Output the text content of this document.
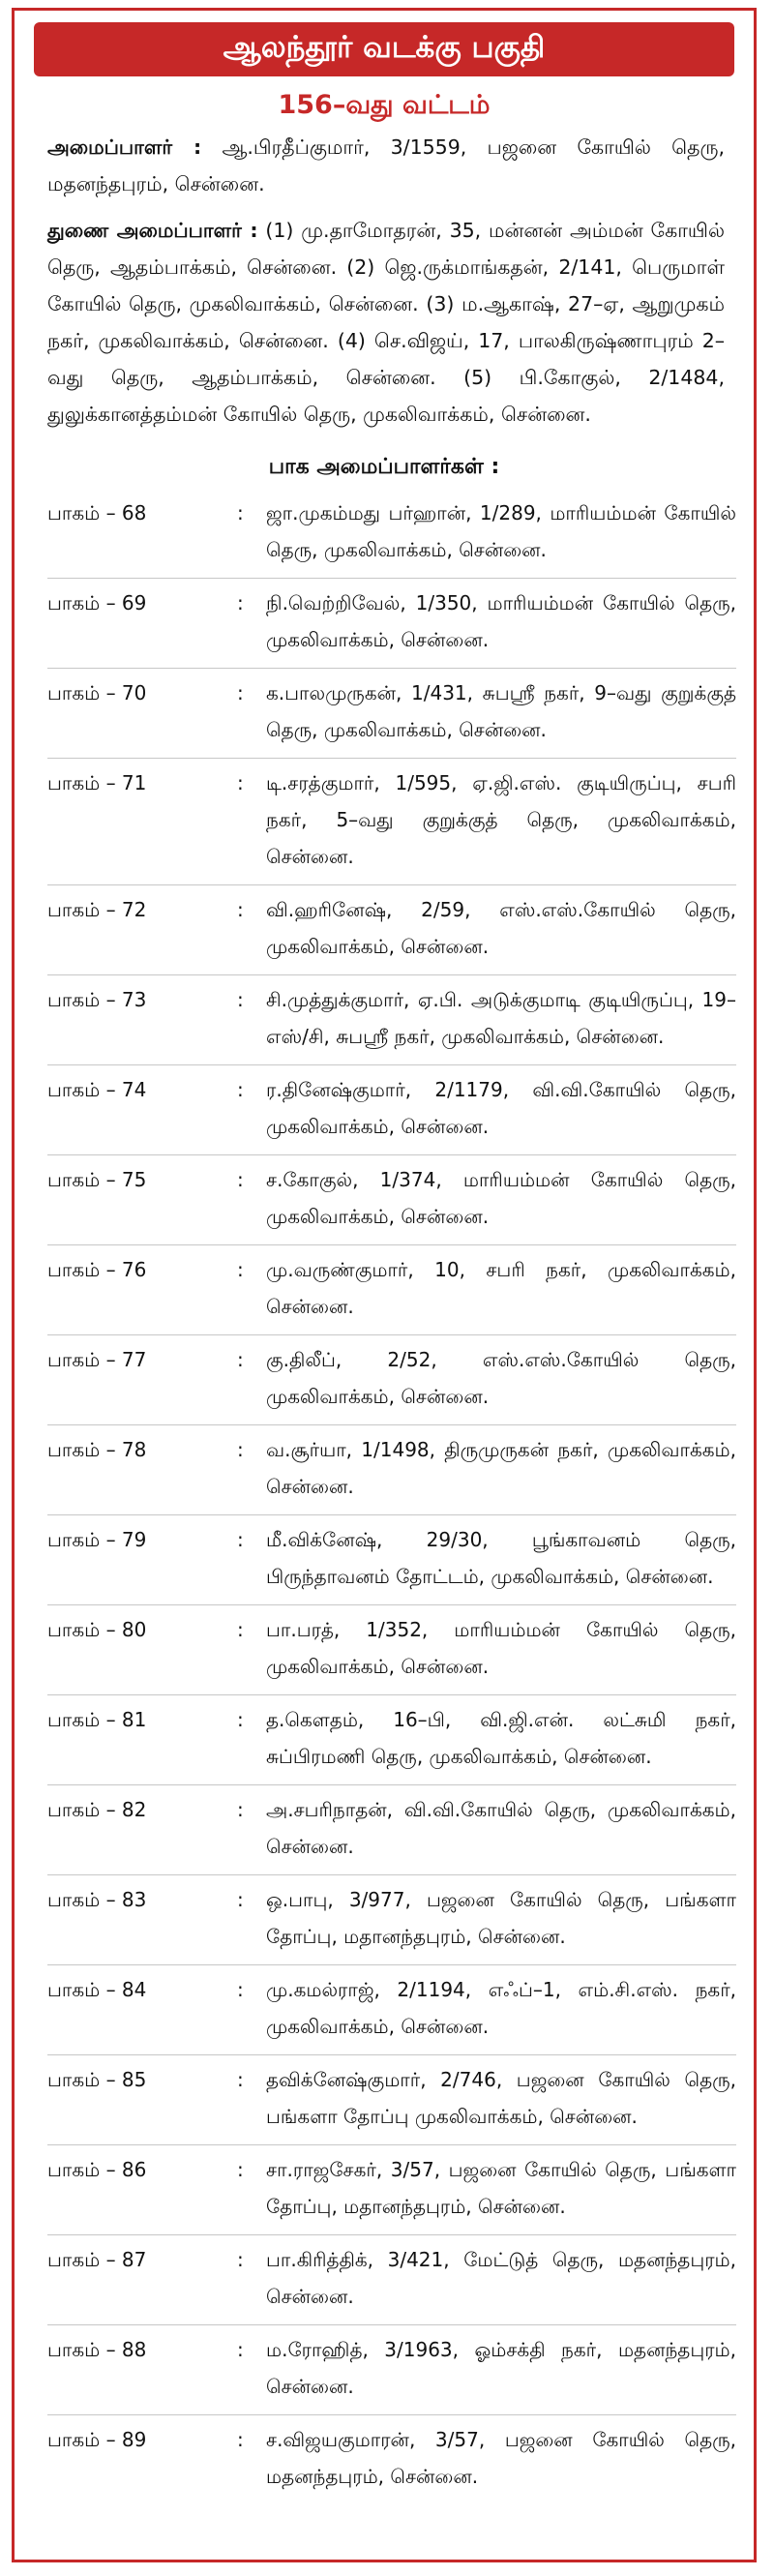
ஆலந்தூர் வடக்கு பகுதி
156–வது வட்டம்
அமைப்பாளர் : ஆ.பிரதீப்குமார், 3/1559, பஜனை கோயில் தெரு, மதனந்தபுரம், சென்னை.
துணை அமைப்பாளர் : (1) மு.தாமோதரன், 35, மன்னன் அம்மன் கோயில் தெரு, ஆதம்பாக்கம், சென்னை. (2) ஜெ.ருக்மாங்கதன், 2/141, பெருமாள் கோயில் தெரு, முகலிவாக்கம், சென்னை. (3) ம.ஆகாஷ், 27–ஏ, ஆறுமுகம் நகர், முகலிவாக்கம், சென்னை. (4) செ.விஜய், 17, பாலகிருஷ்ணாபுரம் 2–வது தெரு, ஆதம்பாக்கம், சென்னை. (5) பி.கோகுல், 2/1484, துலுக்கானத்தம்மன் கோயில் தெரு, முகலிவாக்கம், சென்னை.
பாக அமைப்பாளர்கள் :
பாகம் – 68	:	ஜா.முகம்மது பர்ஹான், 1/289, மாரியம்மன் கோயில் தெரு, முகலிவாக்கம், சென்னை.
பாகம் – 69	:	நி.வெற்றிவேல், 1/350, மாரியம்மன் கோயில் தெரு, முகலிவாக்கம், சென்னை.
பாகம் – 70	:	க.பாலமுருகன், 1/431, சுபஸ்ரீ நகர், 9–வது குறுக்குத் தெரு, முகலிவாக்கம், சென்னை.
பாகம் – 71	:	டி.சரத்குமார், 1/595, ஏ.ஜி.எஸ். குடியிருப்பு, சபரி நகர், 5–வது குறுக்குத் தெரு, முகலிவாக்கம், சென்னை.
பாகம் – 72	:	வி.ஹரினேஷ், 2/59, எஸ்.எஸ்.கோயில் தெரு, முகலிவாக்கம், சென்னை.
பாகம் – 73	:	சி.முத்துக்குமார், ஏ.பி. அடுக்குமாடி குடியிருப்பு, 19–எஸ்/சி, சுபஸ்ரீ நகர், முகலிவாக்கம், சென்னை.
பாகம் – 74	:	ர.தினேஷ்குமார், 2/1179, வி.வி.கோயில் தெரு, முகலிவாக்கம், சென்னை.
பாகம் – 75	:	ச.கோகுல், 1/374, மாரியம்மன் கோயில் தெரு, முகலிவாக்கம், சென்னை.
பாகம் – 76	:	மு.வருண்குமார், 10, சபரி நகர், முகலிவாக்கம், சென்னை.
பாகம் – 77	:	கு.திலீப், 2/52, எஸ்.எஸ்.கோயில் தெரு, முகலிவாக்கம், சென்னை.
பாகம் – 78	:	வ.சூர்யா, 1/1498, திருமுருகன் நகர், முகலிவாக்கம், சென்னை.
பாகம் – 79	:	மீ.விக்னேஷ், 29/30, பூங்காவனம் தெரு, பிருந்தாவனம் தோட்டம், முகலிவாக்கம், சென்னை.
பாகம் – 80	:	பா.பரத், 1/352, மாரியம்மன் கோயில் தெரு, முகலிவாக்கம், சென்னை.
பாகம் – 81	:	த.கௌதம், 16–பி, வி.ஜி.என். லட்சுமி நகர், சுப்பிரமணி தெரு, முகலிவாக்கம், சென்னை.
பாகம் – 82	:	அ.சபரிநாதன், வி.வி.கோயில் தெரு, முகலிவாக்கம், சென்னை.
பாகம் – 83	:	ஒ.பாபு, 3/977, பஜனை கோயில் தெரு, பங்களா தோப்பு, மதானந்தபுரம், சென்னை.
பாகம் – 84	:	மு.கமல்ராஜ், 2/1194, எஃப்–1, எம்.சி.எஸ். நகர், முகலிவாக்கம், சென்னை.
பாகம் – 85	:	தவிக்னேஷ்குமார், 2/746, பஜனை கோயில் தெரு, பங்களா தோப்பு முகலிவாக்கம், சென்னை.
பாகம் – 86	:	சா.ராஜசேகர், 3/57, பஜனை கோயில் தெரு, பங்களா தோப்பு, மதானந்தபுரம், சென்னை.
பாகம் – 87	:	பா.கிரித்திக், 3/421, மேட்டுத் தெரு, மதனந்தபுரம், சென்னை.
பாகம் – 88	:	ம.ரோஹித், 3/1963, ஓம்சக்தி நகர், மதனந்தபுரம், சென்னை.
பாகம் – 89	:	ச.விஜயகுமாரன், 3/57, பஜனை கோயில் தெரு, மதனந்தபுரம், சென்னை.
